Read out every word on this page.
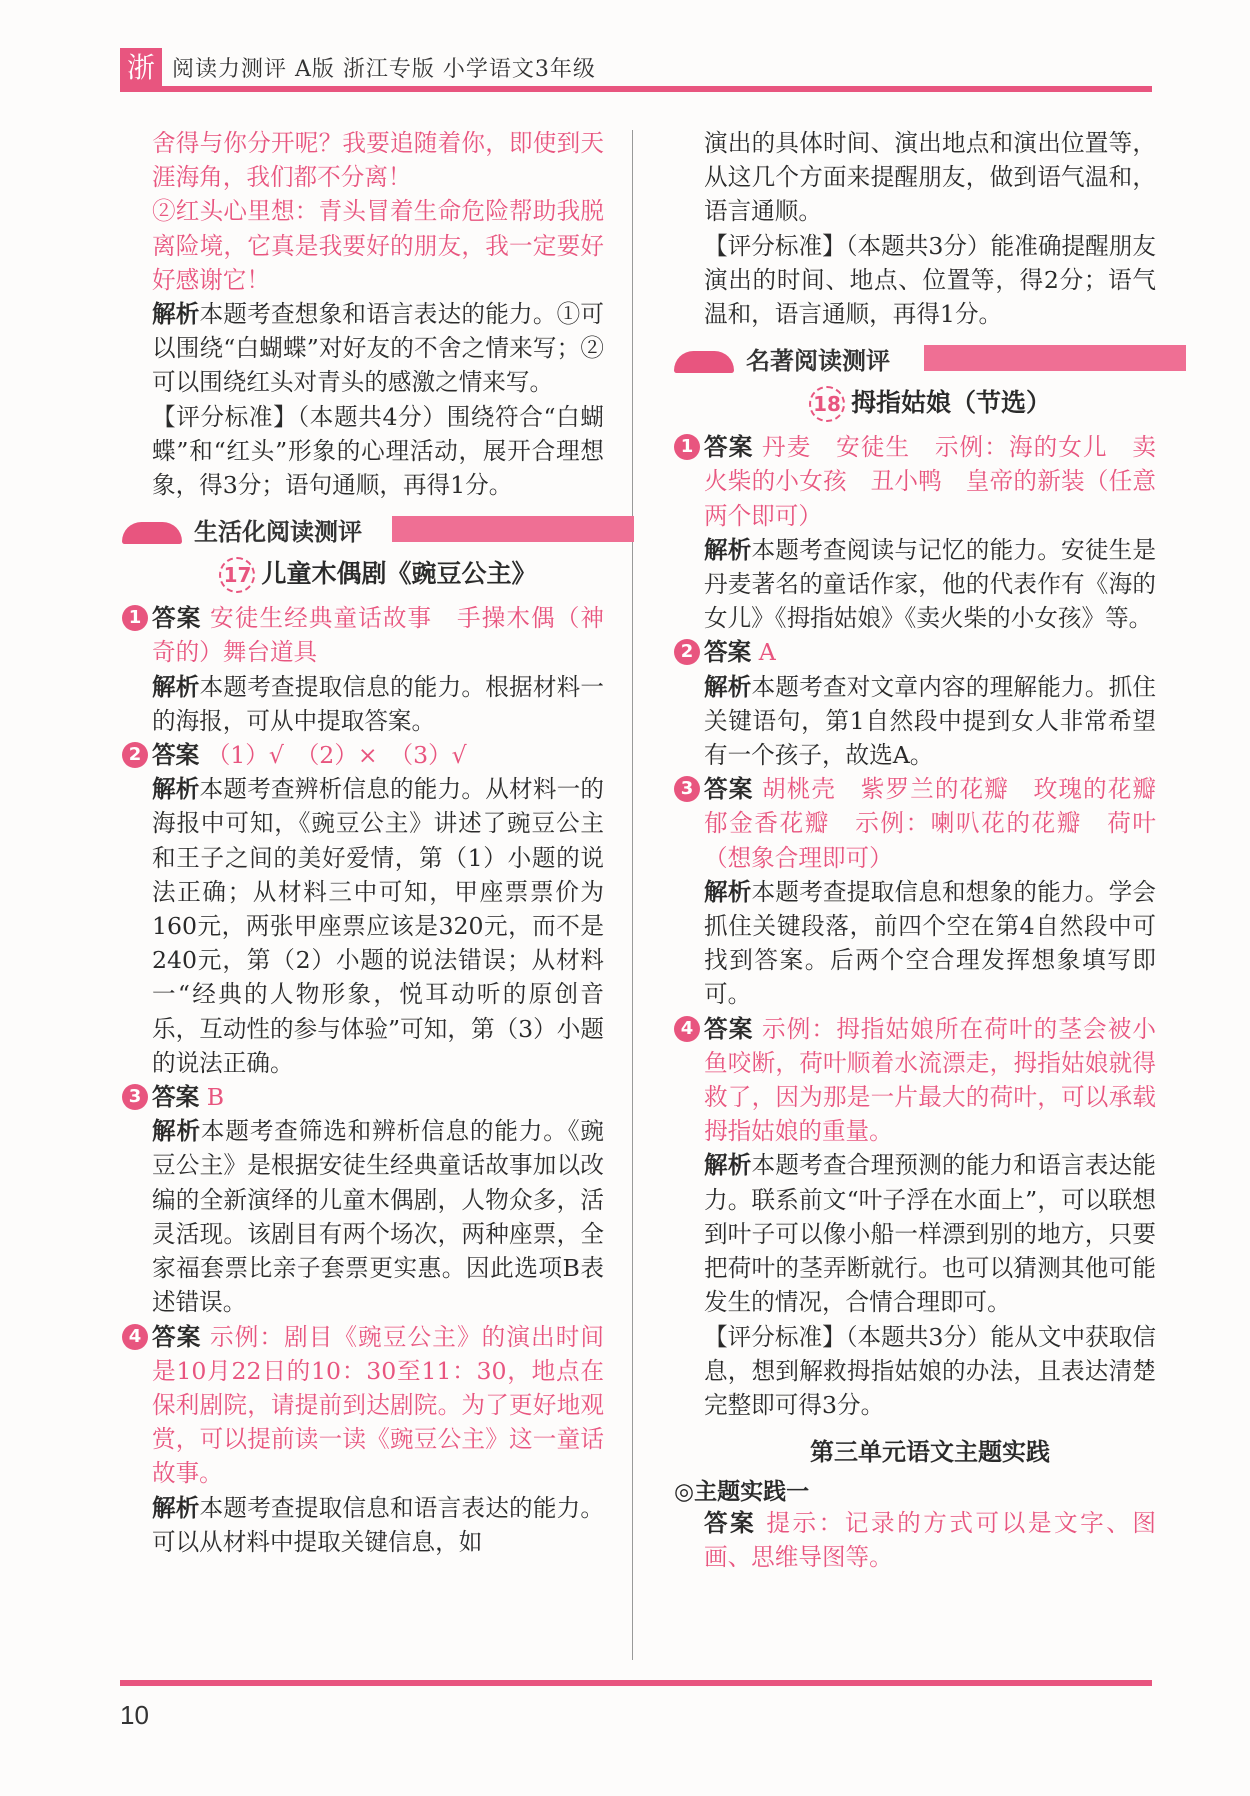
浙 阅读力测评 A版 浙江专版 小学语文3年级

舍得与你分开呢？我要追随着你，即使到天涯海角，我们都不分离！

②红头心里想：青头冒着生命危险帮助我脱离险境，它真是我要好的朋友，我一定要好好感谢它！

解析本题考查想象和语言表达的能力。①可以围绕“白蝴蝶”对好友的不舍之情来写；②可以围绕红头对青头的感激之情来写。

【评分标准】（本题共4分）围绕符合“白蝴蝶”和“红头”形象的心理活动，展开合理想象，得3分；语句通顺，再得1分。

生活化阅读测评
17 儿童木偶剧《豌豆公主》
1 答案 安徒生经典童话故事　手操木偶（神奇的）舞台道具

解析本题考查提取信息的能力。根据材料一的海报，可从中提取答案。

2 答案 （1）√　（2）×　（3）√

解析本题考查辨析信息的能力。从材料一的海报中可知，《豌豆公主》讲述了豌豆公主和王子之间的美好爱情，第（1）小题的说法正确；从材料三中可知，甲座票票价为160元，两张甲座票应该是320元，而不是240元，第（2）小题的说法错误；从材料一“经典的人物形象，悦耳动听的原创音乐，互动性的参与体验”可知，第（3）小题的说法正确。

3 答案 B

解析本题考查筛选和辨析信息的能力。《豌豆公主》是根据安徒生经典童话故事加以改编的全新演绎的儿童木偶剧，人物众多，活灵活现。该剧目有两个场次，两种座票，全家福套票比亲子套票更实惠。因此选项B表述错误。

4 答案 示例：剧目《豌豆公主》的演出时间是10月22日的10：30至11：30，地点在保利剧院，请提前到达剧院。为了更好地观赏，可以提前读一读《豌豆公主》这一童话故事。

解析本题考查提取信息和语言表达的能力。可以从材料中提取关键信息，如

演出的具体时间、演出地点和演出位置等，从这几个方面来提醒朋友，做到语气温和，语言通顺。

【评分标准】（本题共3分）能准确提醒朋友演出的时间、地点、位置等，得2分；语气温和，语言通顺，再得1分。

名著阅读测评
18 拇指姑娘（节选）
1 答案 丹麦　安徒生　示例：海的女儿　卖火柴的小女孩　丑小鸭　皇帝的新装（任意两个即可）

解析本题考查阅读与记忆的能力。安徒生是丹麦著名的童话作家，他的代表作有《海的女儿》《拇指姑娘》《卖火柴的小女孩》等。

2 答案 A

解析本题考查对文章内容的理解能力。抓住关键语句，第1自然段中提到女人非常希望有一个孩子，故选A。

3 答案 胡桃壳　紫罗兰的花瓣　玫瑰的花瓣　郁金香花瓣　示例：喇叭花的花瓣　荷叶（想象合理即可）

解析本题考查提取信息和想象的能力。学会抓住关键段落，前四个空在第4自然段中可找到答案。后两个空合理发挥想象填写即可。

4 答案 示例：拇指姑娘所在荷叶的茎会被小鱼咬断，荷叶顺着水流漂走，拇指姑娘就得救了，因为那是一片最大的荷叶，可以承载拇指姑娘的重量。

解析本题考查合理预测的能力和语言表达能力。联系前文“叶子浮在水面上”，可以联想到叶子可以像小船一样漂到别的地方，只要把荷叶的茎弄断就行。也可以猜测其他可能发生的情况，合情合理即可。

【评分标准】（本题共3分）能从文中获取信息，想到解救拇指姑娘的办法，且表达清楚完整即可得3分。

第三单元语文主题实践
◎主题实践一

答案 提示：记录的方式可以是文字、图画、思维导图等。

10
